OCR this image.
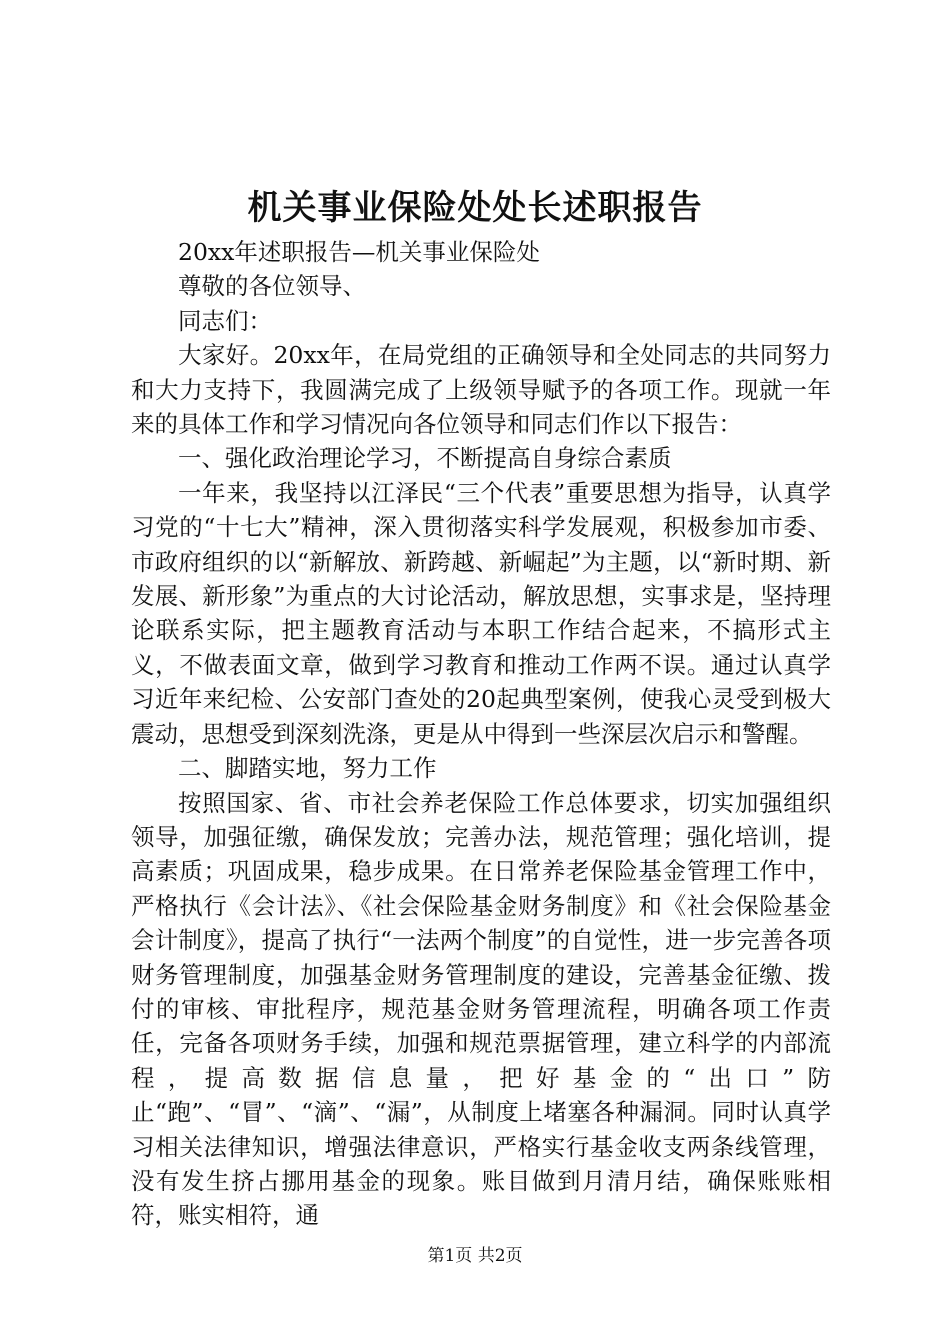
机关事业保险处处长述职报告

20xx年述职报告—机关事业保险处

尊敬的各位领导、

同志们：

大家好。20xx年，在局党组的正确领导和全处同志的共同努力和大力支持下，我圆满完成了上级领导赋予的各项工作。现就一年来的具体工作和学习情况向各位领导和同志们作以下报告：

一、强化政治理论学习，不断提高自身综合素质

一年来，我坚持以江泽民“三个代表”重要思想为指导，认真学习党的“十七大”精神，深入贯彻落实科学发展观，积极参加市委、市政府组织的以“新解放、新跨越、新崛起”为主题，以“新时期、新发展、新形象”为重点的大讨论活动，解放思想，实事求是，坚持理论联系实际，把主题教育活动与本职工作结合起来，不搞形式主义，不做表面文章，做到学习教育和推动工作两不误。通过认真学习近年来纪检、公安部门查处的20起典型案例，使我心灵受到极大震动，思想受到深刻洗涤，更是从中得到一些深层次启示和警醒。

二、脚踏实地，努力工作

按照国家、省、市社会养老保险工作总体要求，切实加强组织领导，加强征缴，确保发放；完善办法，规范管理；强化培训，提高素质；巩固成果，稳步成果。在日常养老保险基金管理工作中，严格执行《会计法》、《社会保险基金财务制度》和《社会保险基金会计制度》，提高了执行“一法两个制度”的自觉性，进一步完善各项财务管理制度，加强基金财务管理制度的建设，完善基金征缴、拨付的审核、审批程序，规范基金财务管理流程，明确各项工作责任，完备各项财务手续，加强和规范票据管理，建立科学的内部流程，提高数据信息量，把好基金的“出口”防止“跑”、“冒”、“滴”、“漏”，从制度上堵塞各种漏洞。同时认真学习相关法律知识，增强法律意识，严格实行基金收支两条线管理，没有发生挤占挪用基金的现象。账目做到月清月结，确保账账相符，账实相符，通

第1页 共2页
